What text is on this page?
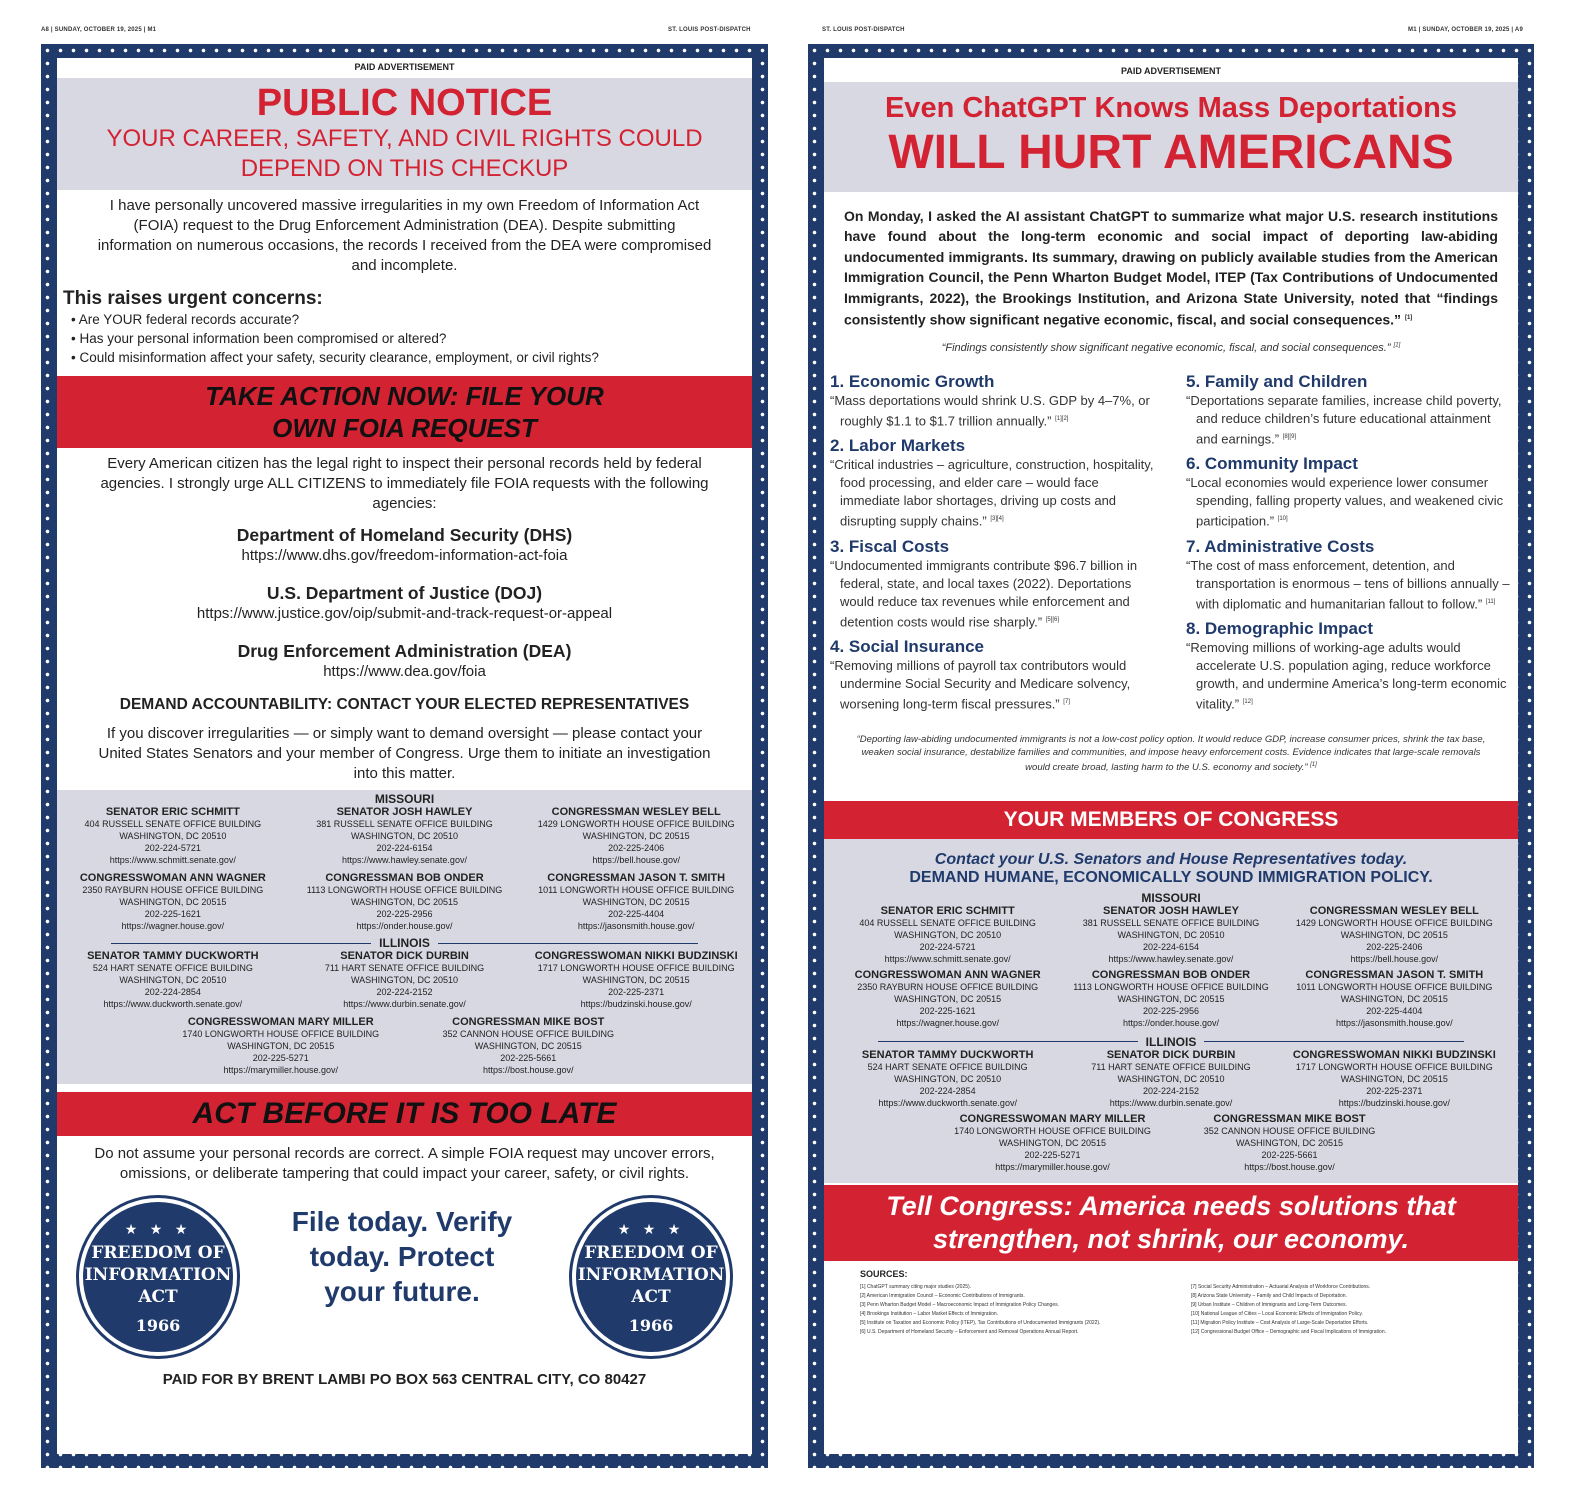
A8 | SUNDAY, OCTOBER 19, 2025 | M1	ST. LOUIS POST-DISPATCH	ST. LOUIS POST-DISPATCH	M1 | SUNDAY, OCTOBER 19, 2025 | A9
PAID ADVERTISEMENT
PUBLIC NOTICE
YOUR CAREER, SAFETY, AND CIVIL RIGHTS COULD DEPEND ON THIS CHECKUP
I have personally uncovered massive irregularities in my own Freedom of Information Act (FOIA) request to the Drug Enforcement Administration (DEA). Despite submitting information on numerous occasions, the records I received from the DEA were compromised and incomplete.
This raises urgent concerns:
• Are YOUR federal records accurate?
• Has your personal information been compromised or altered?
• Could misinformation affect your safety, security clearance, employment, or civil rights?
TAKE ACTION NOW: FILE YOUR OWN FOIA REQUEST
Every American citizen has the legal right to inspect their personal records held by federal agencies. I strongly urge ALL CITIZENS to immediately file FOIA requests with the following agencies:
Department of Homeland Security (DHS)
https://www.dhs.gov/freedom-information-act-foia
U.S. Department of Justice (DOJ)
https://www.justice.gov/oip/submit-and-track-request-or-appeal
Drug Enforcement Administration (DEA)
https://www.dea.gov/foia
DEMAND ACCOUNTABILITY: CONTACT YOUR ELECTED REPRESENTATIVES
If you discover irregularities — or simply want to demand oversight — please contact your United States Senators and your member of Congress. Urge them to initiate an investigation into this matter.
MISSOURI
SENATOR ERIC SCHMITT
404 RUSSELL SENATE OFFICE BUILDING
WASHINGTON, DC 20510
202-224-5721
https://www.schmitt.senate.gov/
SENATOR JOSH HAWLEY
381 RUSSELL SENATE OFFICE BUILDING
WASHINGTON, DC 20510
202-224-6154
https://www.hawley.senate.gov/
CONGRESSMAN WESLEY BELL
1429 LONGWORTH HOUSE OFFICE BUILDING
WASHINGTON, DC 20515
202-225-2406
https://bell.house.gov/
CONGRESSWOMAN ANN WAGNER
2350 RAYBURN HOUSE OFFICE BUILDING
WASHINGTON, DC 20515
202-225-1621
https://wagner.house.gov/
CONGRESSMAN BOB ONDER
1113 LONGWORTH HOUSE OFFICE BUILDING
WASHINGTON, DC 20515
202-225-2956
https://onder.house.gov/
CONGRESSMAN JASON T. SMITH
1011 LONGWORTH HOUSE OFFICE BUILDING
WASHINGTON, DC 20515
202-225-4404
https://jasonsmith.house.gov/
ILLINOIS
SENATOR TAMMY DUCKWORTH
524 HART SENATE OFFICE BUILDING
WASHINGTON, DC 20510
202-224-2854
https://www.duckworth.senate.gov/
SENATOR DICK DURBIN
711 HART SENATE OFFICE BUILDING
WASHINGTON, DC 20510
202-224-2152
https://www.durbin.senate.gov/
CONGRESSWOMAN NIKKI BUDZINSKI
1717 LONGWORTH HOUSE OFFICE BUILDING
WASHINGTON, DC 20515
202-225-2371
https://budzinski.house.gov/
CONGRESSWOMAN MARY MILLER
1740 LONGWORTH HOUSE OFFICE BUILDING
WASHINGTON, DC 20515
202-225-5271
https://marymiller.house.gov/
CONGRESSMAN MIKE BOST
352 CANNON HOUSE OFFICE BUILDING
WASHINGTON, DC 20515
202-225-5661
https://bost.house.gov/
ACT BEFORE IT IS TOO LATE
Do not assume your personal records are correct. A simple FOIA request may uncover errors, omissions, or deliberate tampering that could impact your career, safety, or civil rights.
★ ★ ★
FREEDOM OF INFORMATION ACT
1966
File today. Verify today. Protect your future.
★ ★ ★
FREEDOM OF INFORMATION ACT
1966
PAID FOR BY BRENT LAMBI PO BOX 563 CENTRAL CITY, CO 80427
PAID ADVERTISEMENT
Even ChatGPT Knows Mass Deportations
WILL HURT AMERICANS
On Monday, I asked the AI assistant ChatGPT to summarize what major U.S. research institutions have found about the long-term economic and social impact of deporting law-abiding undocumented immigrants. Its summary, drawing on publicly available studies from the American Immigration Council, the Penn Wharton Budget Model, ITEP (Tax Contributions of Undocumented Immigrants, 2022), the Brookings Institution, and Arizona State University, noted that “findings consistently show significant negative economic, fiscal, and social consequences.” [1]
“Findings consistently show significant negative economic, fiscal, and social consequences.” [1]
1. Economic Growth
“Mass deportations would shrink U.S. GDP by 4–7%, or roughly $1.1 to $1.7 trillion annually.” [1][2]
2. Labor Markets
“Critical industries – agriculture, construction, hospitality, food processing, and elder care – would face immediate labor shortages, driving up costs and disrupting supply chains.” [3][4]
3. Fiscal Costs
“Undocumented immigrants contribute $96.7 billion in federal, state, and local taxes (2022). Deportations would reduce tax revenues while enforcement and detention costs would rise sharply.” [5][6]
4. Social Insurance
“Removing millions of payroll tax contributors would undermine Social Security and Medicare solvency, worsening long-term fiscal pressures.” [7]
5. Family and Children
“Deportations separate families, increase child poverty, and reduce children’s future educational attainment and earnings.” [8][9]
6. Community Impact
“Local economies would experience lower consumer spending, falling property values, and weakened civic participation.” [10]
7. Administrative Costs
“The cost of mass enforcement, detention, and transportation is enormous – tens of billions annually – with diplomatic and humanitarian fallout to follow.” [11]
8. Demographic Impact
“Removing millions of working-age adults would accelerate U.S. population aging, reduce workforce growth, and undermine America’s long-term economic vitality.” [12]
“Deporting law-abiding undocumented immigrants is not a low-cost policy option. It would reduce GDP, increase consumer prices, shrink the tax base, weaken social insurance, destabilize families and communities, and impose heavy enforcement costs. Evidence indicates that large-scale removals would create broad, lasting harm to the U.S. economy and society.” [1]
YOUR MEMBERS OF CONGRESS
Contact your U.S. Senators and House Representatives today.
DEMAND HUMANE, ECONOMICALLY SOUND IMMIGRATION POLICY.
MISSOURI
SENATOR ERIC SCHMITT
404 RUSSELL SENATE OFFICE BUILDING
WASHINGTON, DC 20510
202-224-5721
https://www.schmitt.senate.gov/
SENATOR JOSH HAWLEY
381 RUSSELL SENATE OFFICE BUILDING
WASHINGTON, DC 20510
202-224-6154
https://www.hawley.senate.gov/
CONGRESSMAN WESLEY BELL
1429 LONGWORTH HOUSE OFFICE BUILDING
WASHINGTON, DC 20515
202-225-2406
https://bell.house.gov/
CONGRESSWOMAN ANN WAGNER
2350 RAYBURN HOUSE OFFICE BUILDING
WASHINGTON, DC 20515
202-225-1621
https://wagner.house.gov/
CONGRESSMAN BOB ONDER
1113 LONGWORTH HOUSE OFFICE BUILDING
WASHINGTON, DC 20515
202-225-2956
https://onder.house.gov/
CONGRESSMAN JASON T. SMITH
1011 LONGWORTH HOUSE OFFICE BUILDING
WASHINGTON, DC 20515
202-225-4404
https://jasonsmith.house.gov/
ILLINOIS
SENATOR TAMMY DUCKWORTH
524 HART SENATE OFFICE BUILDING
WASHINGTON, DC 20510
202-224-2854
https://www.duckworth.senate.gov/
SENATOR DICK DURBIN
711 HART SENATE OFFICE BUILDING
WASHINGTON, DC 20510
202-224-2152
https://www.durbin.senate.gov/
CONGRESSWOMAN NIKKI BUDZINSKI
1717 LONGWORTH HOUSE OFFICE BUILDING
WASHINGTON, DC 20515
202-225-2371
https://budzinski.house.gov/
CONGRESSWOMAN MARY MILLER
1740 LONGWORTH HOUSE OFFICE BUILDING
WASHINGTON, DC 20515
202-225-5271
https://marymiller.house.gov/
CONGRESSMAN MIKE BOST
352 CANNON HOUSE OFFICE BUILDING
WASHINGTON, DC 20515
202-225-5661
https://bost.house.gov/
Tell Congress: America needs solutions that strengthen, not shrink, our economy.
SOURCES:
[1] ChatGPT summary citing major studies (2025).
[2] American Immigration Council – Economic Contributions of Immigrants.
[3] Penn Wharton Budget Model – Macroeconomic Impact of Immigration Policy Changes.
[4] Brookings Institution – Labor Market Effects of Immigration.
[5] Institute on Taxation and Economic Policy (ITEP), Tax Contributions of Undocumented Immigrants (2022).
[6] U.S. Department of Homeland Security – Enforcement and Removal Operations Annual Report.
[7] Social Security Administration – Actuarial Analysis of Workforce Contributions.
[8] Arizona State University – Family and Child Impacts of Deportation.
[9] Urban Institute – Children of Immigrants and Long-Term Outcomes.
[10] National League of Cities – Local Economic Effects of Immigration Policy.
[11] Migration Policy Institute – Cost Analysis of Large-Scale Deportation Efforts.
[12] Congressional Budget Office – Demographic and Fiscal Implications of Immigration.
